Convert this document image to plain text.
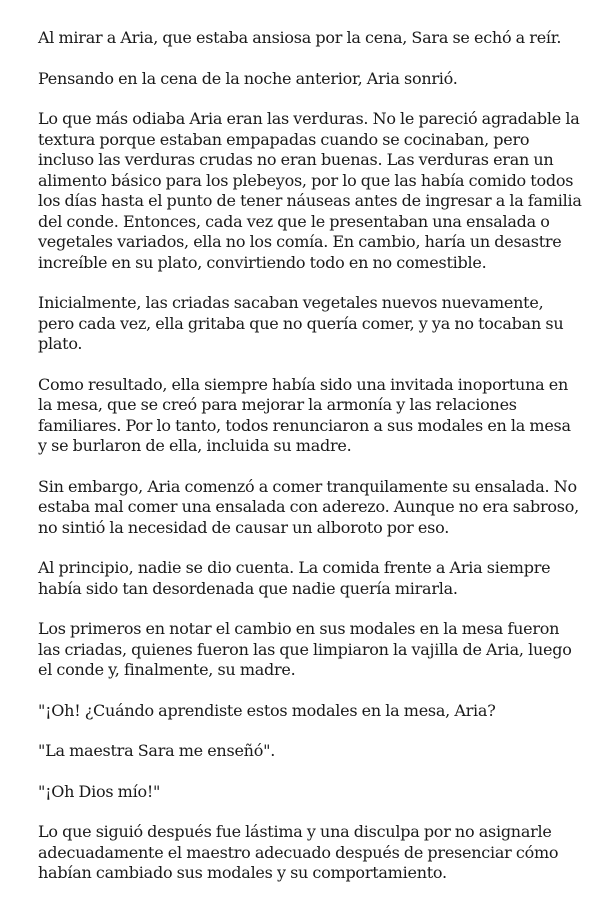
Al mirar a Aria, que estaba ansiosa por la cena, Sara se echó a reír.

Pensando en la cena de la noche anterior, Aria sonrió.

Lo que más odiaba Aria eran las verduras. No le pareció agradable la textura porque estaban empapadas cuando se cocinaban, pero incluso las verduras crudas no eran buenas. Las verduras eran un alimento básico para los plebeyos, por lo que las había comido todos los días hasta el punto de tener náuseas antes de ingresar a la familia del conde. Entonces, cada vez que le presentaban una ensalada o vegetales variados, ella no los comía. En cambio, haría un desastre increíble en su plato, convirtiendo todo en no comestible.

Inicialmente, las criadas sacaban vegetales nuevos nuevamente, pero cada vez, ella gritaba que no quería comer, y ya no tocaban su plato.

Como resultado, ella siempre había sido una invitada inoportuna en la mesa, que se creó para mejorar la armonía y las relaciones familiares. Por lo tanto, todos renunciaron a sus modales en la mesa y se burlaron de ella, incluida su madre.

Sin embargo, Aria comenzó a comer tranquilamente su ensalada. No estaba mal comer una ensalada con aderezo. Aunque no era sabroso, no sintió la necesidad de causar un alboroto por eso.

Al principio, nadie se dio cuenta. La comida frente a Aria siempre había sido tan desordenada que nadie quería mirarla.

Los primeros en notar el cambio en sus modales en la mesa fueron las criadas, quienes fueron las que limpiaron la vajilla de Aria, luego el conde y, finalmente, su madre.

"¡Oh! ¿Cuándo aprendiste estos modales en la mesa, Aria?

"La maestra Sara me enseñó".

"¡Oh Dios mío!"

Lo que siguió después fue lástima y una disculpa por no asignarle adecuadamente el maestro adecuado después de presenciar cómo habían cambiado sus modales y su comportamiento.
